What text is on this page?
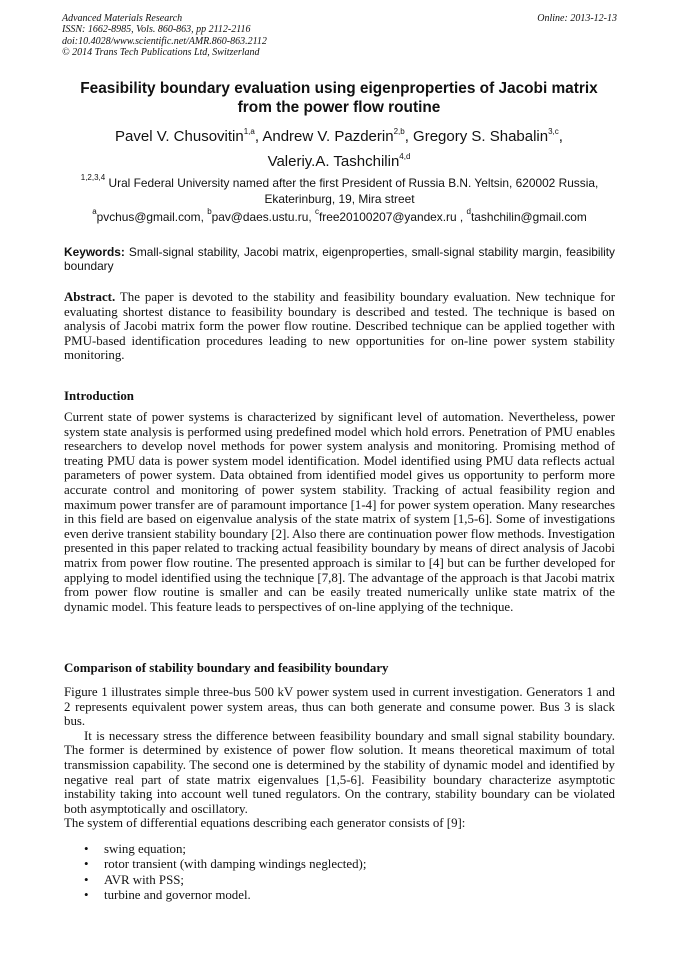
Advanced Materials Research
ISSN: 1662-8985, Vols. 860-863, pp 2112-2116
doi:10.4028/www.scientific.net/AMR.860-863.2112
© 2014 Trans Tech Publications Ltd, Switzerland
Online: 2013-12-13
Feasibility boundary evaluation using eigenproperties of Jacobi matrix
from the power flow routine
Pavel V. Chusovitin$^{1,a}$, Andrew V. Pazderin$^{2,b}$, Gregory S. Shabalin$^{3,c}$,
Valeriy.A. Tashchilin$^{4,d}$
$^{1,2,3,4}$ Ural Federal University named after the first President of Russia B.N. Yeltsin, 620002 Russia,
Ekaterinburg, 19, Mira street
$^a$pvchus@gmail.com, $^b$pav@daes.ustu.ru, $^c$free20100207@yandex.ru , $^d$tashchilin@gmail.com
Keywords: Small-signal stability, Jacobi matrix, eigenproperties, small-signal stability margin, feasibility boundary
Abstract. The paper is devoted to the stability and feasibility boundary evaluation. New technique for evaluating shortest distance to feasibility boundary is described and tested. The technique is based on analysis of Jacobi matrix form the power flow routine. Described technique can be applied together with PMU-based identification procedures leading to new opportunities for on-line power system stability monitoring.
Introduction
Current state of power systems is characterized by significant level of automation. Nevertheless, power system state analysis is performed using predefined model which hold errors. Penetration of PMU enables researchers to develop novel methods for power system analysis and monitoring. Promising method of treating PMU data is power system model identification. Model identified using PMU data reflects actual parameters of power system. Data obtained from identified model gives us opportunity to perform more accurate control and monitoring of power system stability. Tracking of actual feasibility region and maximum power transfer are of paramount importance [1-4] for power system operation. Many researches in this field are based on eigenvalue analysis of the state matrix of system [1,5-6]. Some of investigations even derive transient stability boundary [2]. Also there are continuation power flow methods. Investigation presented in this paper related to tracking actual feasibility boundary by means of direct analysis of Jacobi matrix from power flow routine. The presented approach is similar to [4] but can be further developed for applying to model identified using the technique [7,8]. The advantage of the approach is that Jacobi matrix from power flow routine is smaller and can be easily treated numerically unlike state matrix of the dynamic model. This feature leads to perspectives of on-line applying of the technique.
Comparison of stability boundary and feasibility boundary

Figure 1 illustrates simple three-bus 500 kV power system used in current investigation. Generators 1 and 2 represents equivalent power system areas, thus can both generate and consume power. Bus 3 is slack bus.

It is necessary stress the difference between feasibility boundary and small signal stability boundary. The former is determined by existence of power flow solution. It means theoretical maximum of total transmission capability. The second one is determined by the stability of dynamic model and identified by negative real part of state matrix eigenvalues [1,5-6]. Feasibility boundary characterize asymptotic instability taking into account well tuned regulators. On the contrary, stability boundary can be violated both asymptotically and oscillatory.

The system of differential equations describing each generator consists of [9]:

• swing equation;
• rotor transient (with damping windings neglected);
• AVR with PSS;
• turbine and governor model.
